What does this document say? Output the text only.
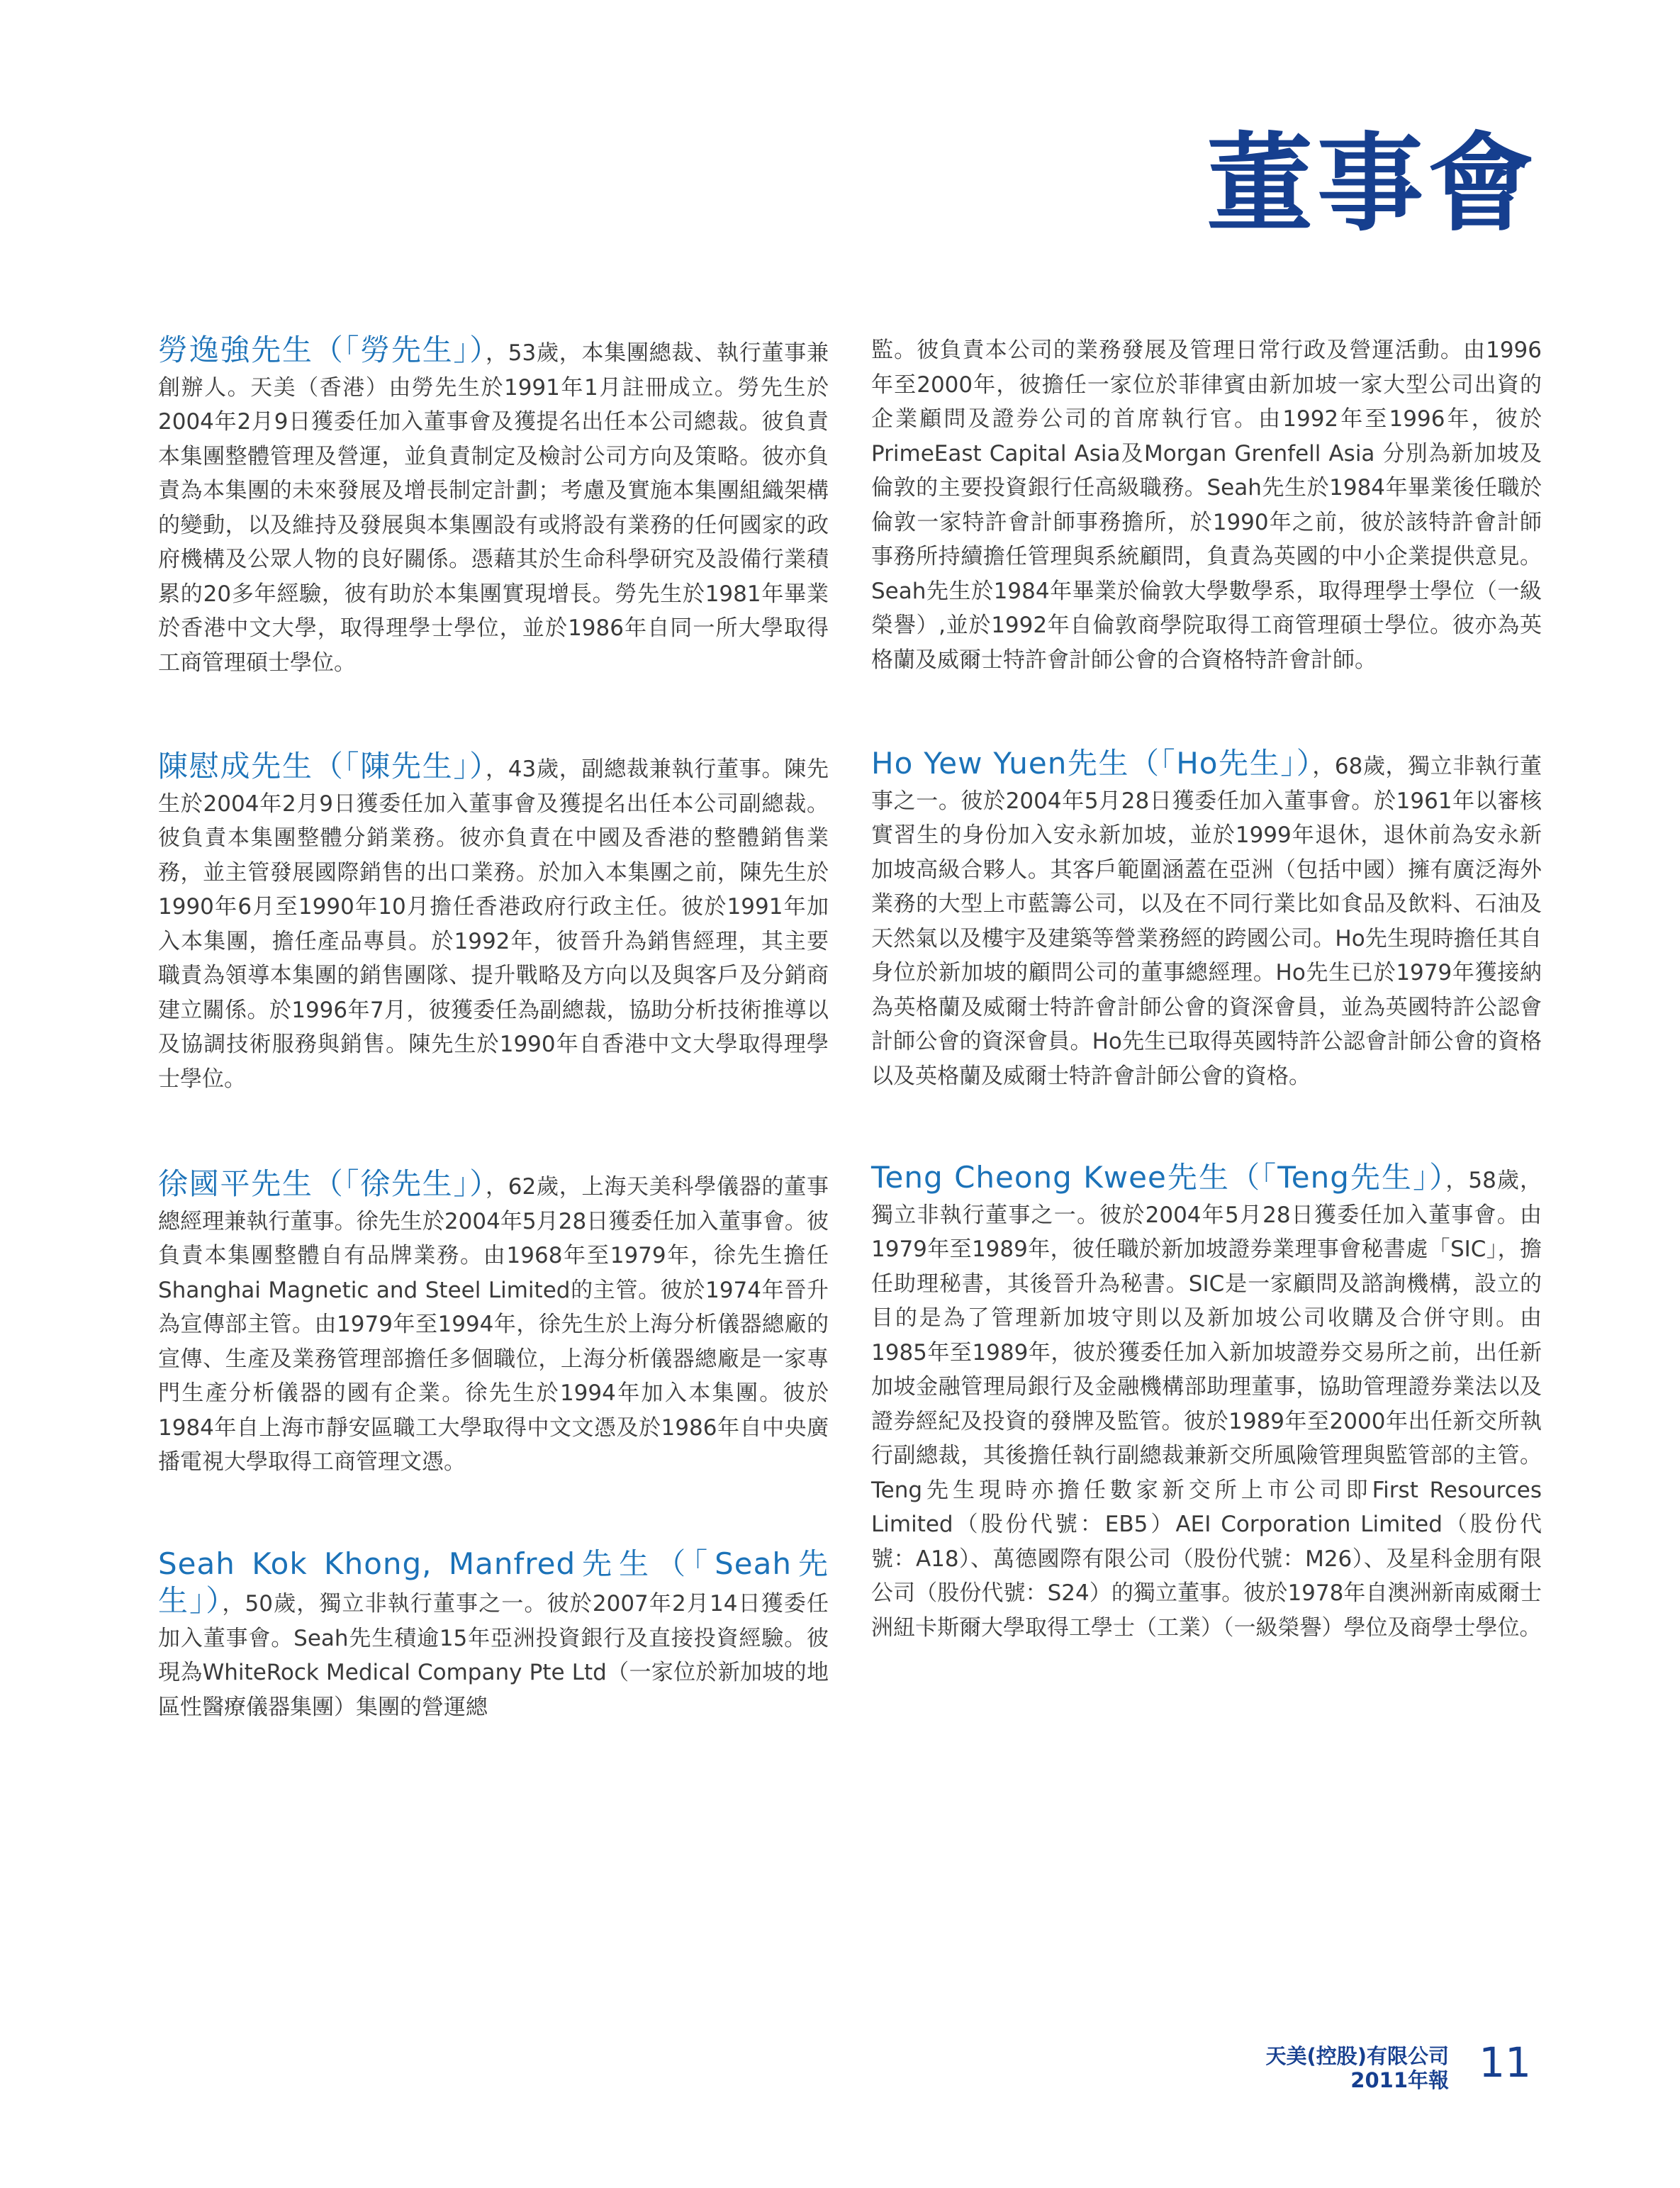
董事會

勞逸強先生（「勞先生」），53歲，本集團總裁、執行董事兼創辦人。天美（香港）由勞先生於1991年1月註冊成立。勞先生於2004年2月9日獲委任加入董事會及獲提名出任本公司總裁。彼負責本集團整體管理及營運，並負責制定及檢討公司方向及策略。彼亦負責為本集團的未來發展及增長制定計劃；考慮及實施本集團組織架構的變動，以及維持及發展與本集團設有或將設有業務的任何國家的政府機構及公眾人物的良好關係。憑藉其於生命科學研究及設備行業積累的20多年經驗，彼有助於本集團實現增長。勞先生於1981年畢業於香港中文大學，取得理學士學位，並於1986年自同一所大學取得工商管理碩士學位。

陳慰成先生（「陳先生」），43歲，副總裁兼執行董事。陳先生於2004年2月9日獲委任加入董事會及獲提名出任本公司副總裁。彼負責本集團整體分銷業務。彼亦負責在中國及香港的整體銷售業務，並主管發展國際銷售的出口業務。於加入本集團之前，陳先生於1990年6月至1990年10月擔任香港政府行政主任。彼於1991年加入本集團，擔任產品專員。於1992年，彼晉升為銷售經理，其主要職責為領導本集團的銷售團隊、提升戰略及方向以及與客戶及分銷商建立關係。於1996年7月，彼獲委任為副總裁，協助分析技術推導以及協調技術服務與銷售。陳先生於1990年自香港中文大學取得理學士學位。

徐國平先生（「徐先生」），62歲，上海天美科學儀器的董事總經理兼執行董事。徐先生於2004年5月28日獲委任加入董事會。彼負責本集團整體自有品牌業務。由1968年至1979年，徐先生擔任Shanghai Magnetic and Steel Limited的主管。彼於1974年晉升為宣傳部主管。由1979年至1994年，徐先生於上海分析儀器總廠的宣傳、生產及業務管理部擔任多個職位，上海分析儀器總廠是一家專門生產分析儀器的國有企業。徐先生於1994年加入本集團。彼於1984年自上海市靜安區職工大學取得中文文憑及於1986年自中央廣播電視大學取得工商管理文憑。

Seah Kok Khong, Manfred先生（「Seah先生」），50歲，獨立非執行董事之一。彼於2007年2月14日獲委任加入董事會。Seah先生積逾15年亞洲投資銀行及直接投資經驗。彼現為WhiteRock Medical Company Pte Ltd（一家位於新加坡的地區性醫療儀器集團）集團的營運總

監。彼負責本公司的業務發展及管理日常行政及營運活動。由1996年至2000年，彼擔任一家位於菲律賓由新加坡一家大型公司出資的企業顧問及證券公司的首席執行官。由1992年至1996年，彼於PrimeEast Capital Asia及Morgan Grenfell Asia 分別為新加坡及倫敦的主要投資銀行任高級職務。Seah先生於1984年畢業後任職於倫敦一家特許會計師事務擔所，於1990年之前，彼於該特許會計師事務所持續擔任管理與系統顧問，負責為英國的中小企業提供意見。Seah先生於1984年畢業於倫敦大學數學系，取得理學士學位（一級榮譽）,並於1992年自倫敦商學院取得工商管理碩士學位。彼亦為英格蘭及威爾士特許會計師公會的合資格特許會計師。

Ho Yew Yuen先生（「Ho先生」），68歲，獨立非執行董事之一。彼於2004年5月28日獲委任加入董事會。於1961年以審核實習生的身份加入安永新加坡，並於1999年退休，退休前為安永新加坡高級合夥人。其客戶範圍涵蓋在亞洲（包括中國）擁有廣泛海外業務的大型上市藍籌公司，以及在不同行業比如食品及飲料、石油及天然氣以及樓宇及建築等營業務經的跨國公司。Ho先生現時擔任其自身位於新加坡的顧問公司的董事總經理。Ho先生已於1979年獲接納為英格蘭及威爾士特許會計師公會的資深會員，並為英國特許公認會計師公會的資深會員。Ho先生已取得英國特許公認會計師公會的資格以及英格蘭及威爾士特許會計師公會的資格。

Teng Cheong Kwee先生（「Teng先生」），58歲，獨立非執行董事之一。彼於2004年5月28日獲委任加入董事會。由1979年至1989年，彼任職於新加坡證券業理事會秘書處「SIC」，擔任助理秘書，其後晉升為秘書。SIC是一家顧問及諮詢機構，設立的目的是為了管理新加坡守則以及新加坡公司收購及合併守則。由1985年至1989年，彼於獲委任加入新加坡證券交易所之前，出任新加坡金融管理局銀行及金融機構部助理董事，協助管理證券業法以及證券經紀及投資的發牌及監管。彼於1989年至2000年出任新交所執行副總裁，其後擔任執行副總裁兼新交所風險管理與監管部的主管。Teng先生現時亦擔任數家新交所上市公司即First Resources Limited（股份代號：EB5）AEI Corporation Limited（股份代號：A18）、萬德國際有限公司（股份代號：M26）、及星科金朋有限公司（股份代號：S24）的獨立董事。彼於1978年自澳洲新南威爾士洲紐卡斯爾大學取得工學士（工業）（一級榮譽）學位及商學士學位。

天美(控股)有限公司
2011年報 11
